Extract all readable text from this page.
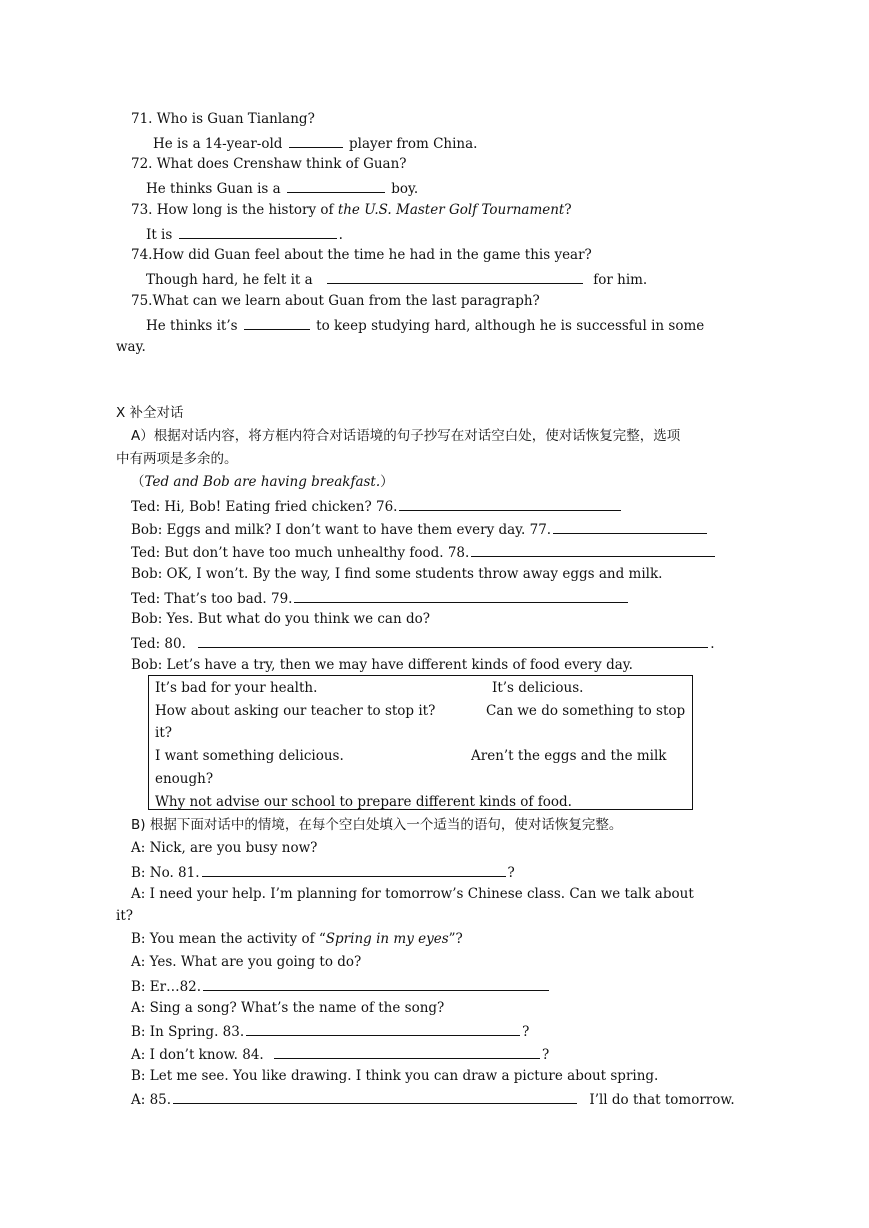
71. Who is Guan Tianlang?
He is a 14-year-old	player from China.
72. What does Crenshaw think of Guan?
He thinks Guan is a	boy.
73. How long is the history of the U.S. Master Golf Tournament?
It is	.
74.How did Guan feel about the time he had in the game this year?
Though hard, he felt it a	for him.
75.What can we learn about Guan from the last paragraph?
He thinks it’s	to keep studying hard, although he is successful in some
way.
X 补全对话
A）根据对话内容，将方框内符合对话语境的句子抄写在对话空白处，使对话恢复完整，选项
中有两项是多余的。
（Ted and Bob are having breakfast.）
Ted: Hi, Bob! Eating fried chicken? 76.
Bob: Eggs and milk? I don’t want to have them every day. 77.
Ted: But don’t have too much unhealthy food. 78.
Bob: OK, I won’t. By the way, I find some students throw away eggs and milk.
Ted: That’s too bad. 79.
Bob: Yes. But what do you think we can do?
Ted: 80.	.
Bob: Let’s have a try, then we may have different kinds of food every day.
It’s bad for your health.	It’s delicious.
How about asking our teacher to stop it?	Can we do something to stop
it?
I want something delicious.	Aren’t the eggs and the milk
enough?
Why not advise our school to prepare different kinds of food.
B) 根据下面对话中的情境，在每个空白处填入一个适当的语句，使对话恢复完整。
A: Nick, are you busy now?
B: No. 81.	?
A: I need your help. I’m planning for tomorrow’s Chinese class. Can we talk about
it?
B: You mean the activity of “Spring in my eyes”?
A: Yes. What are you going to do?
B: Er…82.
A: Sing a song? What’s the name of the song?
B: In Spring. 83.	?
A: I don’t know. 84.	?
B: Let me see. You like drawing. I think you can draw a picture about spring.
A: 85.	I’ll do that tomorrow.
